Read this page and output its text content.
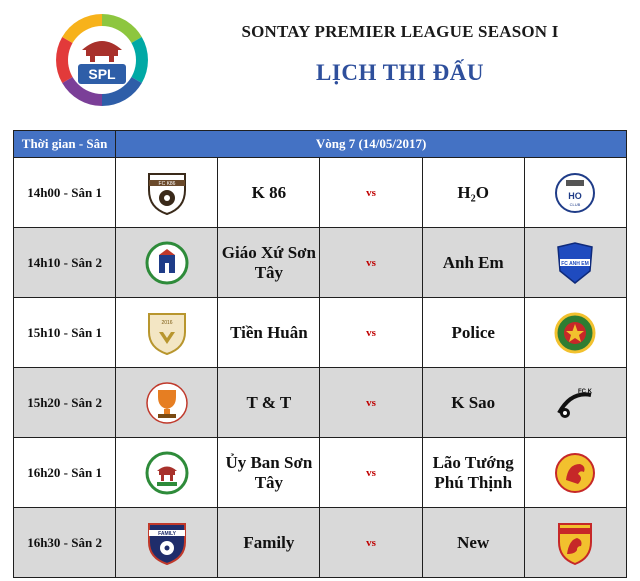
SPL
SONTAY PREMIER LEAGUE SEASON I
LỊCH THI ĐẤU
Thời gian - Sân	Vòng 7 (14/05/2017)				
14h00 - Sân 1	FC K86	K 86	vs	H₂O	HO
CLUB

14h10 - Sân 2		Giáo Xứ Sơn Tây	vs	Anh Em	FC ANH EM

15h10 - Sân 1	2016	Tiền Huân	vs	Police	
15h20 - Sân 2		T & T	vs	K Sao	FC K

16h20 - Sân 1		Ủy Ban Sơn Tây	vs	Lão Tướng Phú Thịnh	
16h30 - Sân 2	FAMILY	Family	vs	New	
